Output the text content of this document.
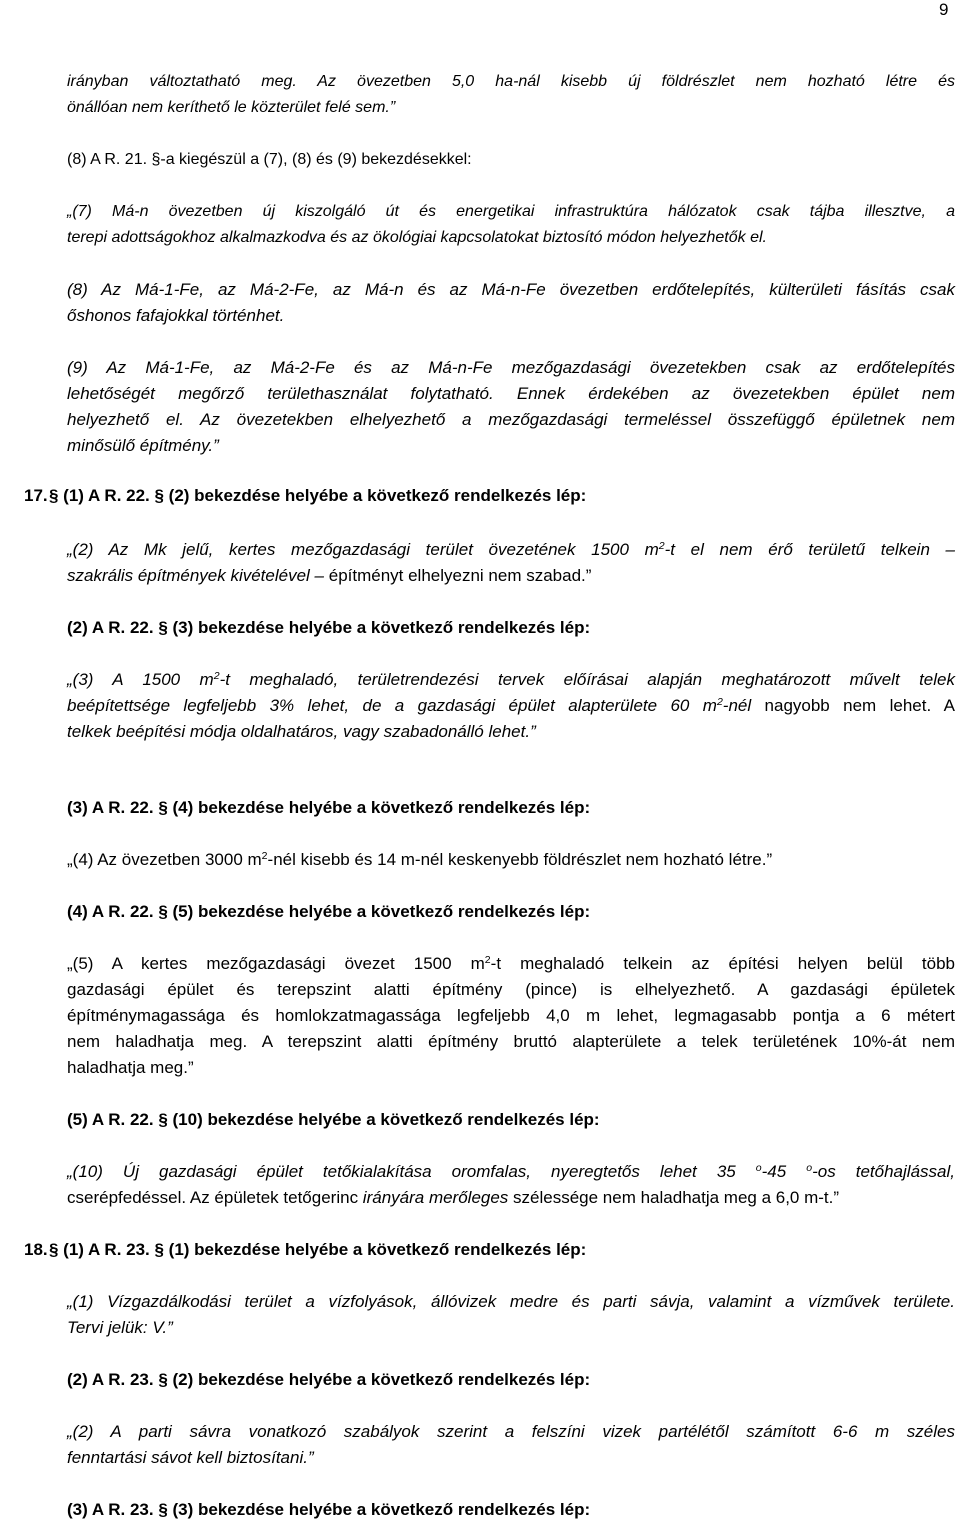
9
irányban változtatható meg. Az övezetben 5,0 ha-nál kisebb új földrészlet nem hozható létre és
önállóan nem keríthető le közterület felé sem.”
(8) A R. 21. §-a kiegészül a (7), (8) és (9) bekezdésekkel:
„(7) Má-n övezetben új kiszolgáló út és energetikai infrastruktúra hálózatok csak tájba illesztve, a
terepi adottságokhoz alkalmazkodva és az ökológiai kapcsolatokat biztosító módon helyezhetők el.
(8) Az Má-1-Fe, az Má-2-Fe, az Má-n és az Má-n-Fe övezetben erdőtelepítés, külterületi fásítás csak
őshonos fafajokkal történhet.
(9) Az Má-1-Fe, az Má-2-Fe és az Má-n-Fe mezőgazdasági övezetekben csak az erdőtelepítés
lehetőségét megőrző területhasználat folytatható. Ennek érdekében az övezetekben épület nem
helyezhető el. Az övezetekben elhelyezhető a mezőgazdasági termeléssel összefüggő épületnek nem
minősülő építmény.”
17. § (1) A R. 22. § (2) bekezdése helyébe a következő rendelkezés lép:
„(2) Az Mk jelű, kertes mezőgazdasági terület övezetének 1500 $m^2-t$ el nem érő területű telkein –
szakrális építmények kivételével – építményt elhelyezni nem szabad.”
(2) A R. 22. § (3) bekezdése helyébe a következő rendelkezés lép:
„(3) A 1500 $m^2-t$ meghaladó, területrendezési tervek előírásai alapján meghatározott művelt telek
beépítettsége legfeljebb 3% lehet, de a gazdasági épület alapterülete 60 $m^2$-nél nagyobb nem lehet. A
telkek beépítési módja oldalhatáros, vagy szabadonálló lehet.”
(3) A R. 22. § (4) bekezdése helyébe a következő rendelkezés lép:
„(4) Az övezetben 3000 $m^2$-nél kisebb és 14 m-nél keskenyebb földrészlet nem hozható létre.”
(4) A R. 22. § (5) bekezdése helyébe a következő rendelkezés lép:
„(5) A kertes mezőgazdasági övezet 1500 $m^2-t$ meghaladó telkein az építési helyen belül több
gazdasági épület és terepszint alatti építmény (pince) is elhelyezhető. A gazdasági épületek
építménymagassága és homlokzatmagassága legfeljebb 4,0 m lehet, legmagasabb pontja a 6 métert
nem haladhatja meg. A terepszint alatti építmény bruttó alapterülete a telek területének 10%-át nem
haladhatja meg.”
(5) A R. 22. § (10) bekezdése helyébe a következő rendelkezés lép:
„(10) Új gazdasági épület tetőkialakítása oromfalas, nyeregtetős lehet 35 $^o$-45 $^o$-os tetőhajlással,
cserépfedéssel. Az épületek tetőgerinc irányára merőleges szélessége nem haladhatja meg a 6,0 m-t.”
18. § (1) A R. 23. § (1) bekezdése helyébe a következő rendelkezés lép:
„(1) Vízgazdálkodási terület a vízfolyások, állóvizek medre és parti sávja, valamint a vízművek területe.
Tervi jelük: V.”
(2) A R. 23. § (2) bekezdése helyébe a következő rendelkezés lép:
„(2) A parti sávra vonatkozó szabályok szerint a felszíni vizek partélétől számított 6-6 m széles
fenntartási sávot kell biztosítani.”
(3) A R. 23. § (3) bekezdése helyébe a következő rendelkezés lép:
